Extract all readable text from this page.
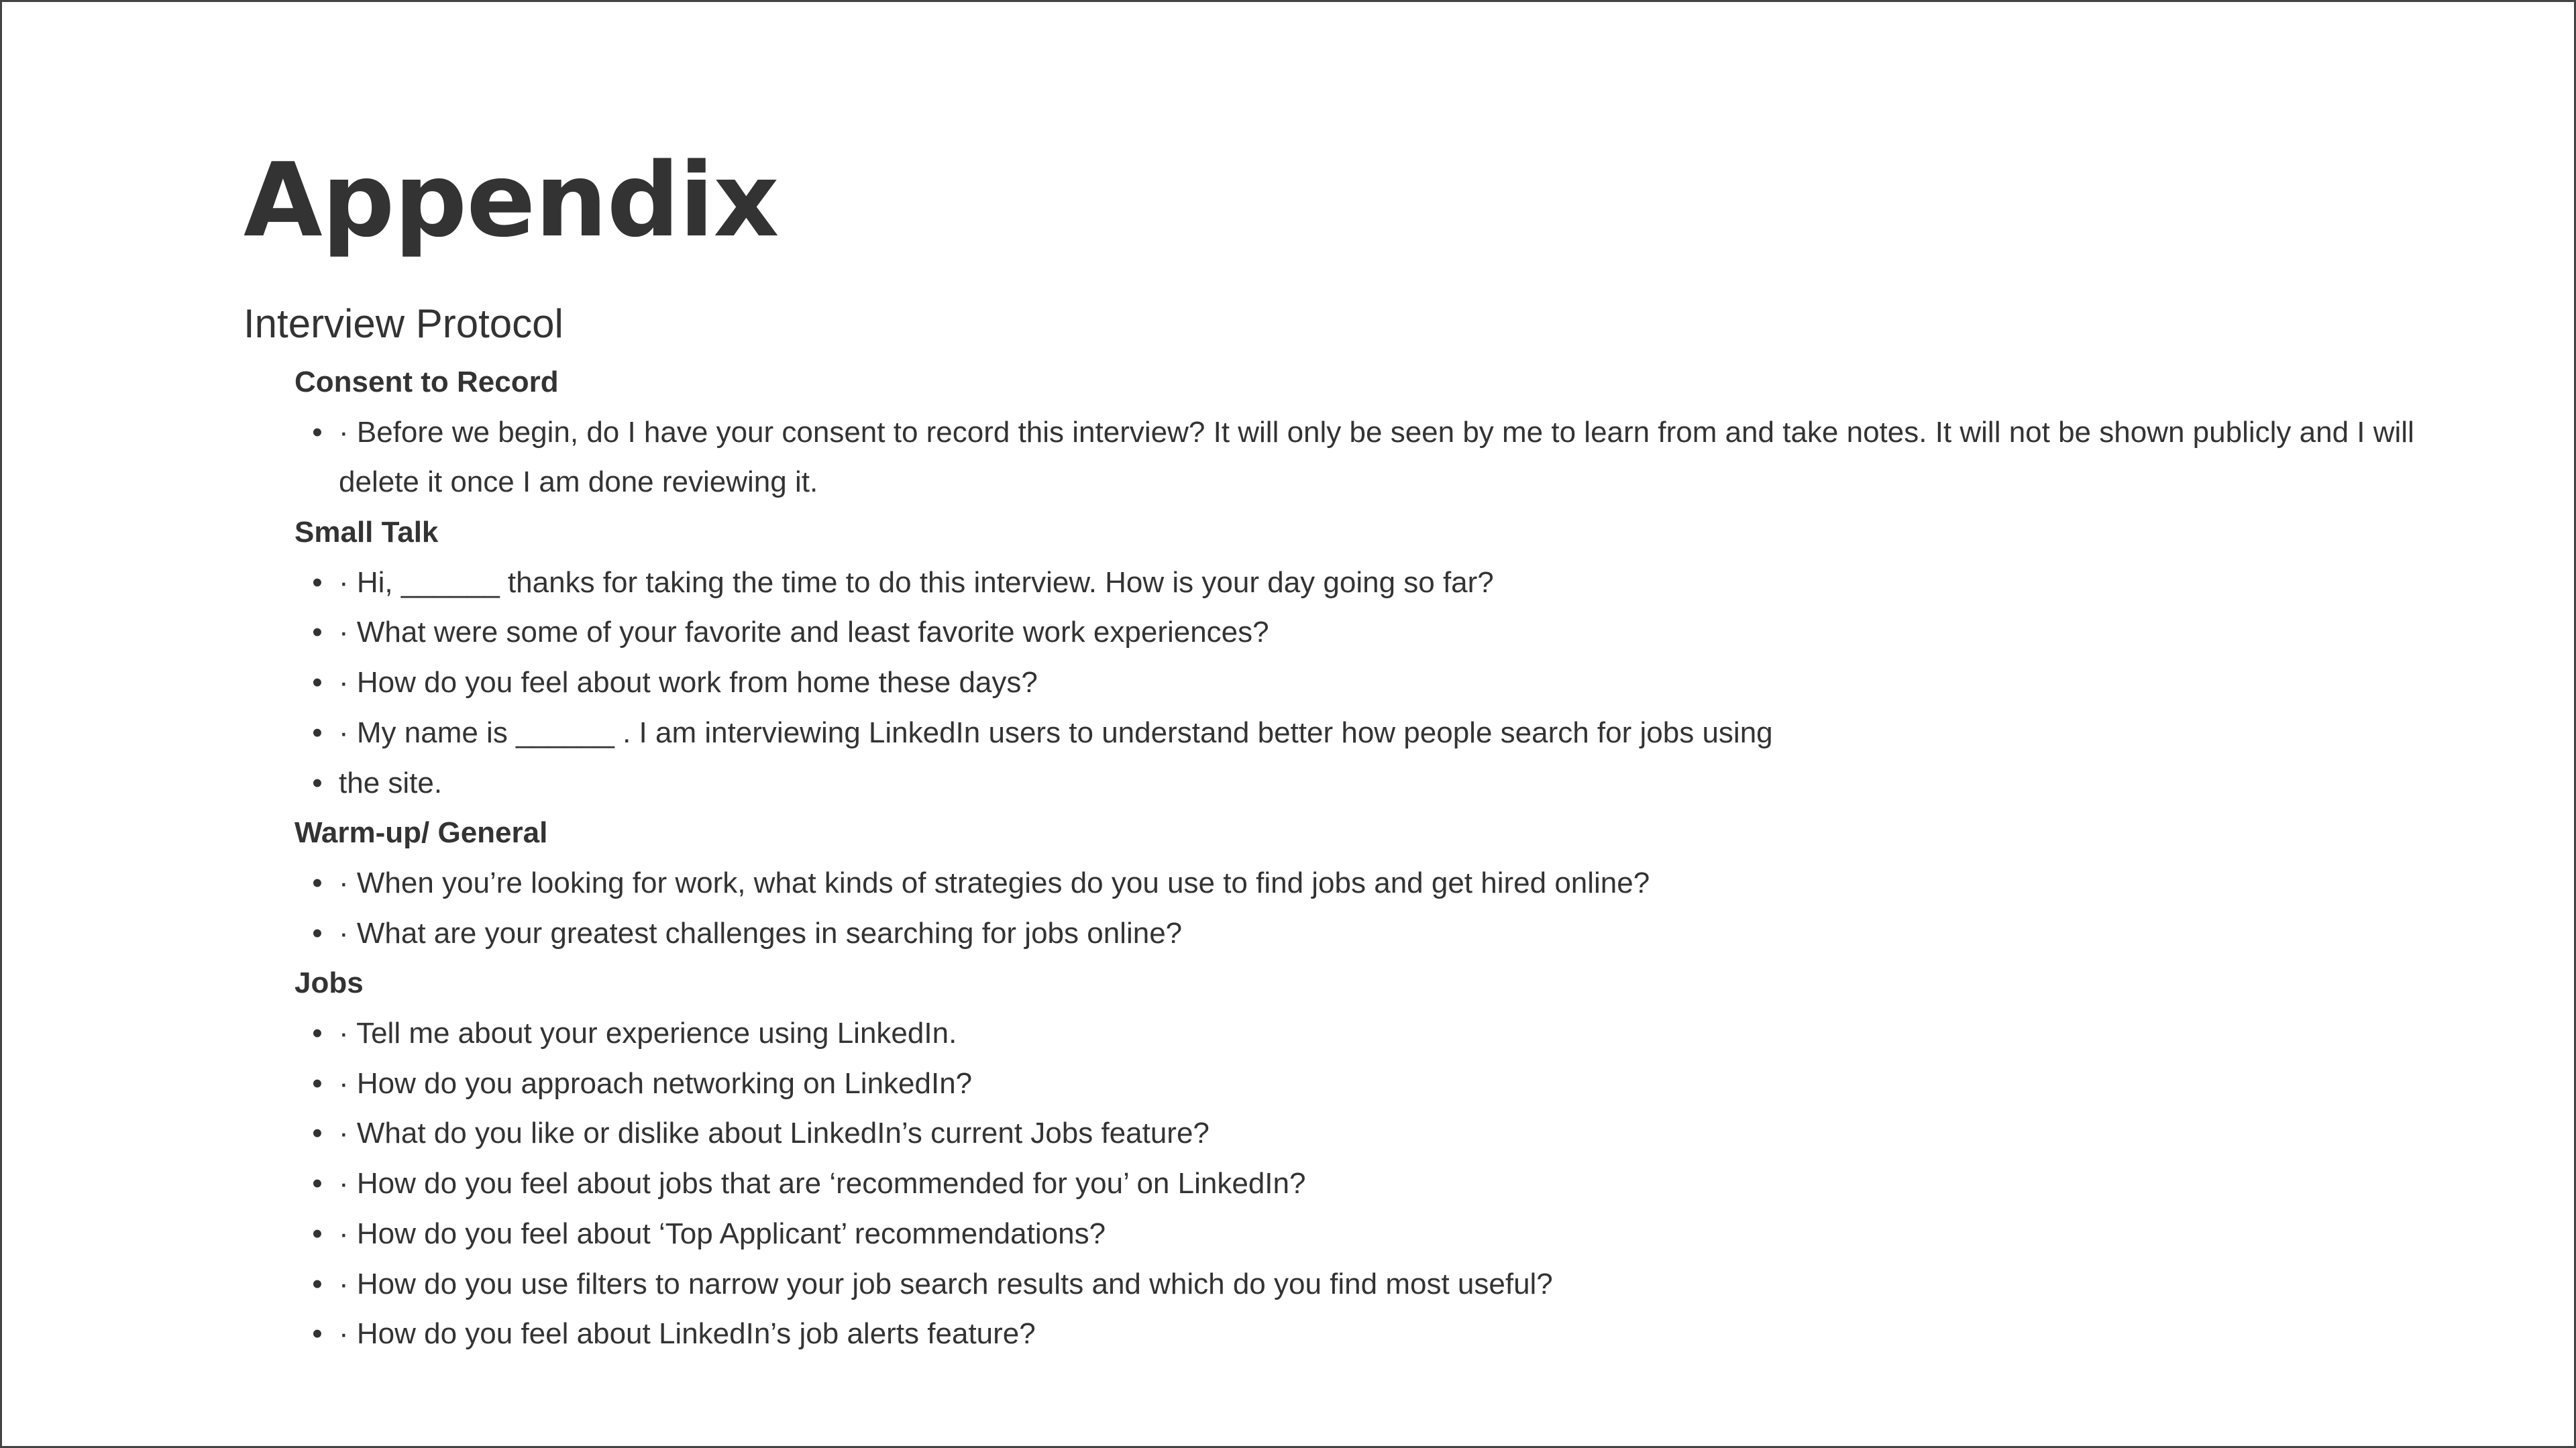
Appendix
Interview Protocol
Consent to Record
• · Before we begin, do I have your consent to record this interview? It will only be seen by me to learn from and take notes. It will not be shown publicly and I will delete it once I am done reviewing it.
Small Talk
• · Hi, ______ thanks for taking the time to do this interview. How is your day going so far?
• · What were some of your favorite and least favorite work experiences?
• · How do you feel about work from home these days?
• · My name is ______ . I am interviewing LinkedIn users to understand better how people search for jobs using
• the site.
Warm-up/ General
• · When you’re looking for work, what kinds of strategies do you use to find jobs and get hired online?
• · What are your greatest challenges in searching for jobs online?
Jobs
• · Tell me about your experience using LinkedIn.
• · How do you approach networking on LinkedIn?
• · What do you like or dislike about LinkedIn’s current Jobs feature?
• · How do you feel about jobs that are ‘recommended for you’ on LinkedIn?
• · How do you feel about ‘Top Applicant’ recommendations?
• · How do you use filters to narrow your job search results and which do you find most useful?
• · How do you feel about LinkedIn’s job alerts feature?
